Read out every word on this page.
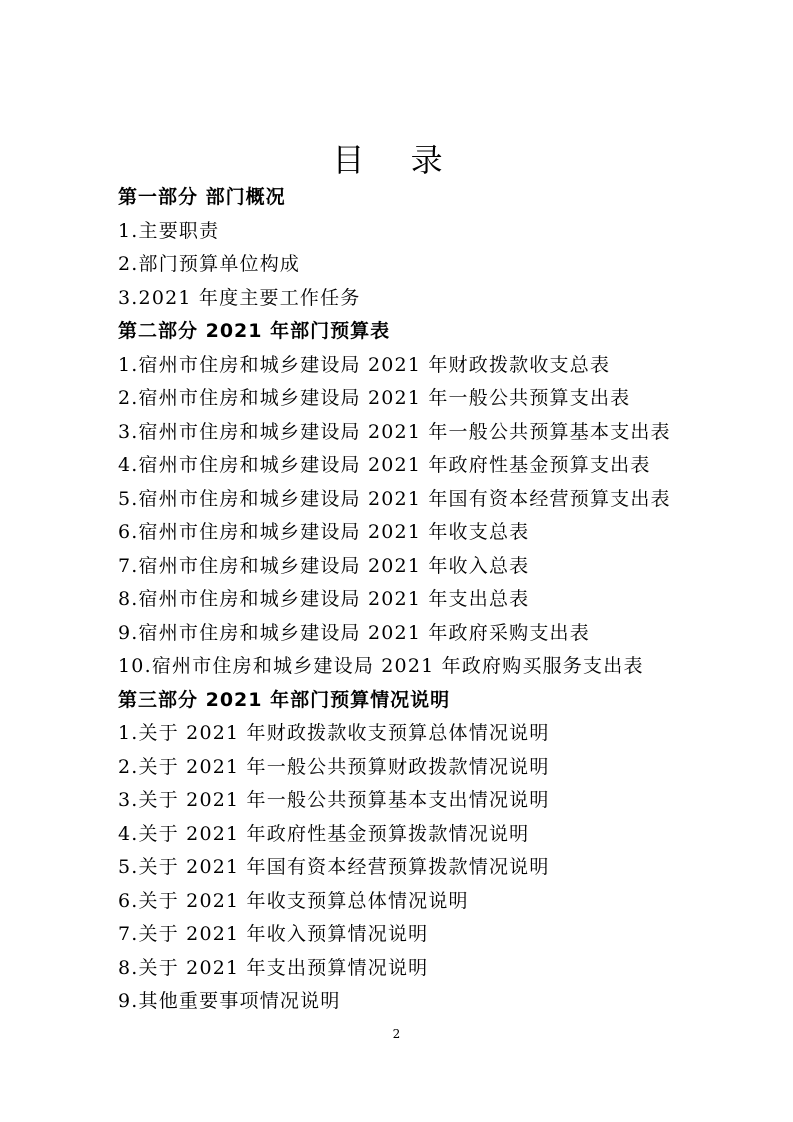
目 录
第一部分 部门概况
1.主要职责
2.部门预算单位构成
3.2021 年度主要工作任务
第二部分 2021 年部门预算表
1.宿州市住房和城乡建设局 2021 年财政拨款收支总表
2.宿州市住房和城乡建设局 2021 年一般公共预算支出表
3.宿州市住房和城乡建设局 2021 年一般公共预算基本支出表
4.宿州市住房和城乡建设局 2021 年政府性基金预算支出表
5.宿州市住房和城乡建设局 2021 年国有资本经营预算支出表
6.宿州市住房和城乡建设局 2021 年收支总表
7.宿州市住房和城乡建设局 2021 年收入总表
8.宿州市住房和城乡建设局 2021 年支出总表
9.宿州市住房和城乡建设局 2021 年政府采购支出表
10.宿州市住房和城乡建设局 2021 年政府购买服务支出表
第三部分 2021 年部门预算情况说明
1.关于 2021 年财政拨款收支预算总体情况说明
2.关于 2021 年一般公共预算财政拨款情况说明
3.关于 2021 年一般公共预算基本支出情况说明
4.关于 2021 年政府性基金预算拨款情况说明
5.关于 2021 年国有资本经营预算拨款情况说明
6.关于 2021 年收支预算总体情况说明
7.关于 2021 年收入预算情况说明
8.关于 2021 年支出预算情况说明
9.其他重要事项情况说明
2
